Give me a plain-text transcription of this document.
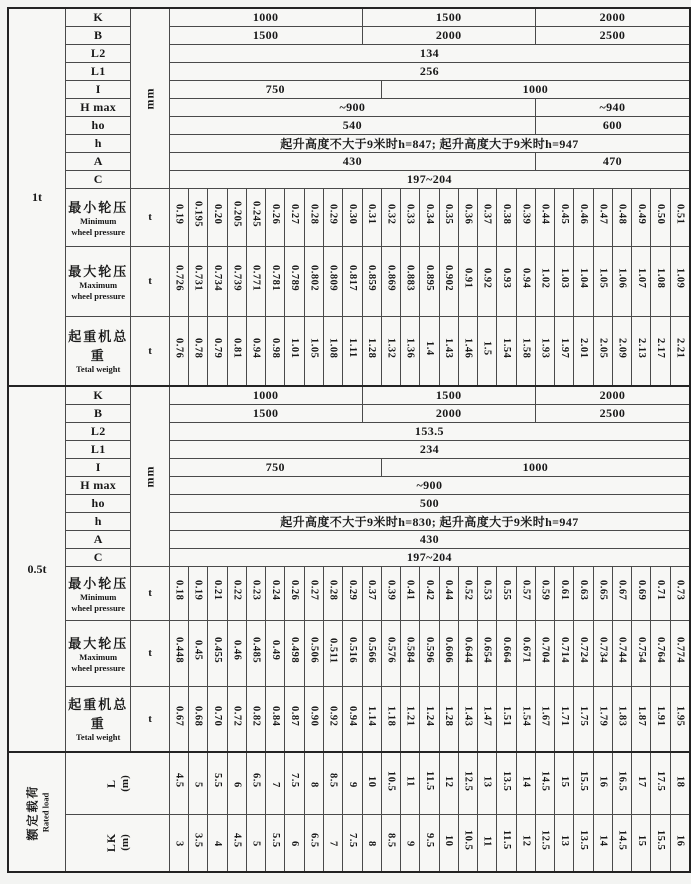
1t	K	mm	1000										1500									2000							
	B		1500										2000									2500							
	L2		134																										
	L1		256																										
	I		750											1000															
	H max		~900																			~940							
	ho		540																			600							
	h		起升高度不大于9米时h=847; 起升高度大于9米时h=947																										
	A		430																			470							
	C		197~204																										

	最小轮压
Minimum
wheel pressure	t	0.19	0.195	0.20	0.205	0.245	0.26	0.27	0.28	0.29	0.30	0.31	0.32	0.33	0.34	0.35	0.36	0.37	0.38	0.39	0.44	0.45	0.46	0.47	0.48	0.49	0.50	0.51

	最大轮压
Maximum
wheel pressure	t	0.726	0.731	0.734	0.739	0.771	0.781	0.789	0.802	0.809	0.817	0.859	0.869	0.883	0.895	0.902	0.91	0.92	0.93	0.94	1.02	1.03	1.04	1.05	1.06	1.07	1.08	1.09

	起重机总重
Tetal weight	t	0.76	0.78	0.79	0.81	0.94	0.98	1.01	1.05	1.08	1.11	1.28	1.32	1.36	1.4	1.43	1.46	1.5	1.54	1.58	1.93	1.97	2.01	2.05	2.09	2.13	2.17	2.21
0.5t	K	mm	1000										1500									2000							
	B		1500										2000									2500							
	L2		153.5																										
	L1		234																										
	I		750											1000															
	H max		~900																										
	ho		500																										
	h		起升高度不大于9米时h=830; 起升高度大于9米时h=947																										
	A		430																										
	C		197~204																										

	最小轮压
Minimum
wheel pressure	t	0.18	0.19	0.21	0.22	0.23	0.24	0.26	0.27	0.28	0.29	0.37	0.39	0.41	0.42	0.44	0.52	0.53	0.55	0.57	0.59	0.61	0.63	0.65	0.67	0.69	0.71	0.73

	最大轮压
Maximum
wheel pressure	t	0.448	0.45	0.455	0.46	0.485	0.49	0.498	0.506	0.511	0.516	0.566	0.576	0.584	0.596	0.606	0.644	0.654	0.664	0.671	0.704	0.714	0.724	0.734	0.744	0.754	0.764	0.774

	起重机总重
Tetal weight	t	0.67	0.68	0.70	0.72	0.82	0.84	0.87	0.90	0.92	0.94	1.14	1.18	1.21	1.24	1.28	1.43	1.47	1.51	1.54	1.67	1.71	1.75	1.79	1.83	1.87	1.91	1.95

额定载荷 Rated load

L (m)	4.5	5	5.5	6	6.5	7	7.5	8	8.5	9	10	10.5	11	11.5	12	12.5	13	13.5	14	14.5	15	15.5	16	16.5	17	17.5	18

	LK (m)		3	3.5	4	4.5	5	5.5	6	6.5	7	7.5	8	8.5	9	9.5	10	10.5	11	11.5	12	12.5	13	13.5	14	14.5	15	15.5	16
